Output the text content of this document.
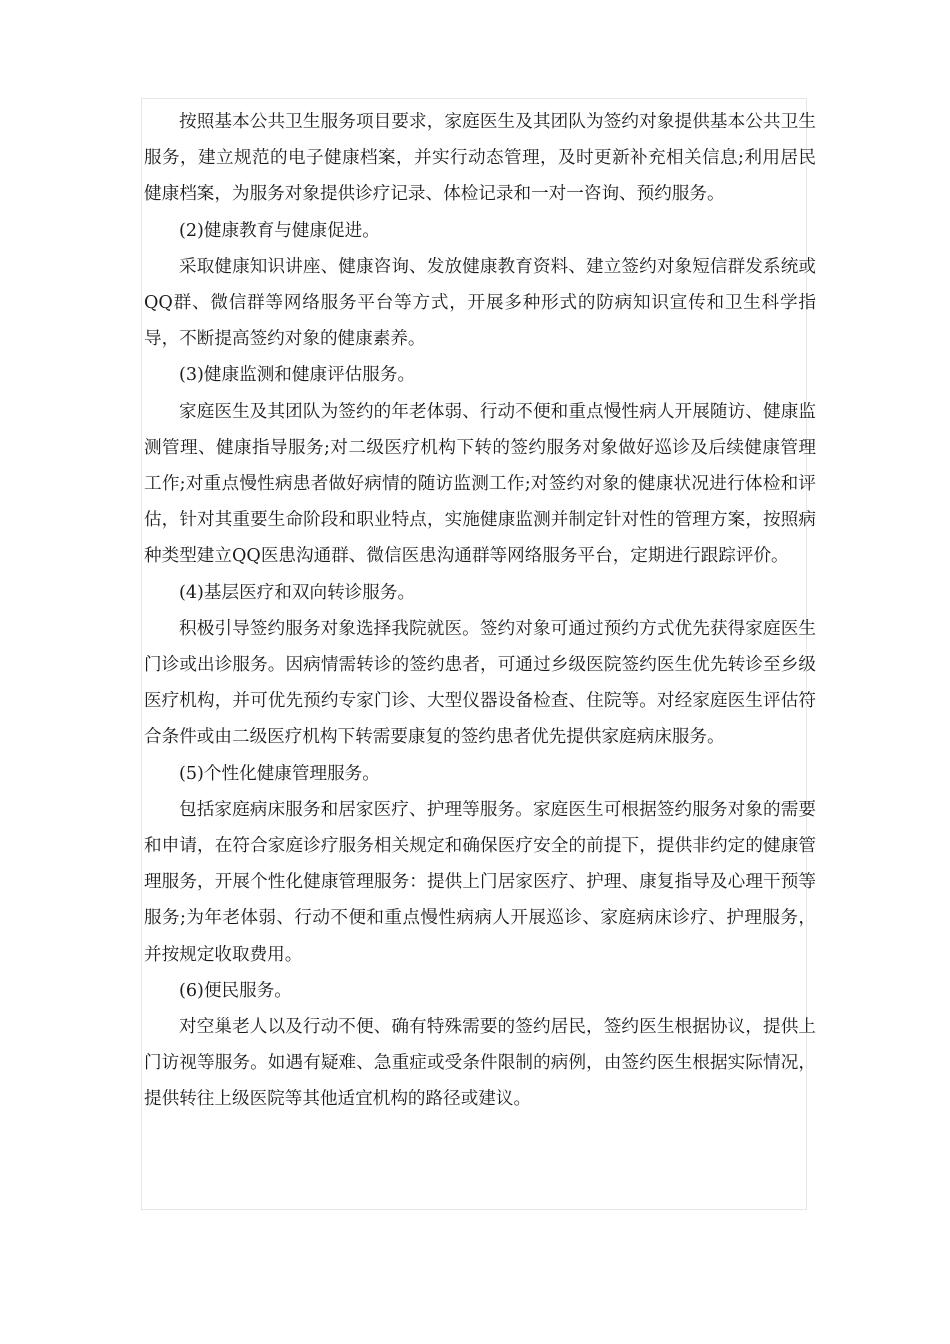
按照基本公共卫生服务项目要求，家庭医生及其团队为签约对象提供基本公共卫生服务，建立规范的电子健康档案，并实行动态管理，及时更新补充相关信息;利用居民健康档案，为服务对象提供诊疗记录、体检记录和一对一咨询、预约服务。

(2)健康教育与健康促进。

采取健康知识讲座、健康咨询、发放健康教育资料、建立签约对象短信群发系统或QQ群、微信群等网络服务平台等方式，开展多种形式的防病知识宣传和卫生科学指导，不断提高签约对象的健康素养。

(3)健康监测和健康评估服务。

家庭医生及其团队为签约的年老体弱、行动不便和重点慢性病人开展随访、健康监测管理、健康指导服务;对二级医疗机构下转的签约服务对象做好巡诊及后续健康管理工作;对重点慢性病患者做好病情的随访监测工作;对签约对象的健康状况进行体检和评估，针对其重要生命阶段和职业特点，实施健康监测并制定针对性的管理方案，按照病种类型建立QQ医患沟通群、微信医患沟通群等网络服务平台，定期进行跟踪评价。

(4)基层医疗和双向转诊服务。

积极引导签约服务对象选择我院就医。签约对象可通过预约方式优先获得家庭医生门诊或出诊服务。因病情需转诊的签约患者，可通过乡级医院签约医生优先转诊至乡级医疗机构，并可优先预约专家门诊、大型仪器设备检查、住院等。对经家庭医生评估符合条件或由二级医疗机构下转需要康复的签约患者优先提供家庭病床服务。

(5)个性化健康管理服务。

包括家庭病床服务和居家医疗、护理等服务。家庭医生可根据签约服务对象的需要和申请，在符合家庭诊疗服务相关规定和确保医疗安全的前提下，提供非约定的健康管理服务，开展个性化健康管理服务：提供上门居家医疗、护理、康复指导及心理干预等服务;为年老体弱、行动不便和重点慢性病病人开展巡诊、家庭病床诊疗、护理服务，并按规定收取费用。

(6)便民服务。

对空巢老人以及行动不便、确有特殊需要的签约居民，签约医生根据协议，提供上门访视等服务。如遇有疑难、急重症或受条件限制的病例，由签约医生根据实际情况，提供转往上级医院等其他适宜机构的路径或建议。
